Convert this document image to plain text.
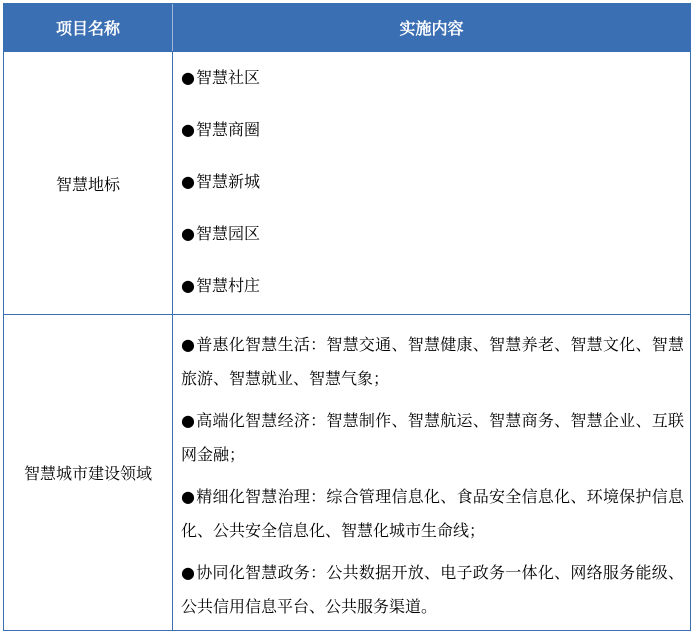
项目名称	实施内容
智慧地标
●智慧社区
●智慧商圈
●智慧新城
●智慧园区
●智慧村庄
智慧城市建设领域
●普惠化智慧生活：智慧交通、智慧健康、智慧养老、智慧文化、智慧旅游、智慧就业、智慧气象；
●高端化智慧经济：智慧制作、智慧航运、智慧商务、智慧企业、互联网金融；
●精细化智慧治理：综合管理信息化、食品安全信息化、环境保护信息化、公共安全信息化、智慧化城市生命线；
●协同化智慧政务：公共数据开放、电子政务一体化、网络服务能级、公共信用信息平台、公共服务渠道。
